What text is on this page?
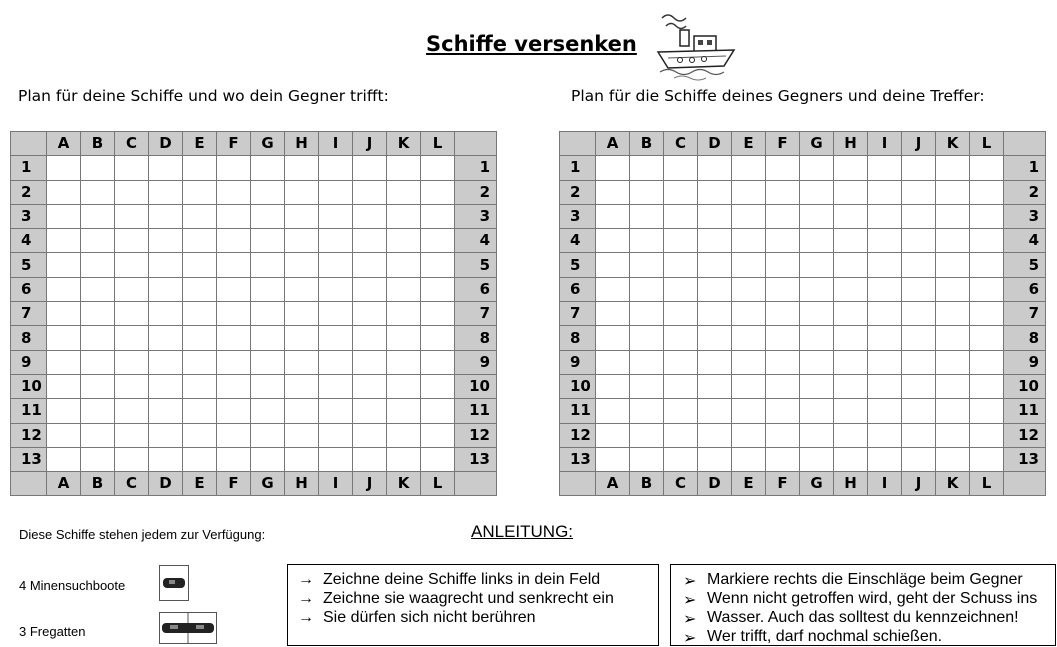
Schiffe versenken
Plan für deine Schiffe und wo dein Gegner trifft:	Plan für die Schiffe deines Gegners und deine Treffer:
	A	B	C	D	E	F	G	H	I	J	K	L	
1													1
2													2
3													3
4													4
5													5
6													6
7													7
8													8
9													9
10													10
11													11
12													12
13													13
	A	B	C	D	E	F	G	H	I	J	K	L	
	A	B	C	D	E	F	G	H	I	J	K	L	
1													1
2													2
3													3
4													4
5													5
6													6
7													7
8													8
9													9
10													10
11													11
12													12
13													13
	A	B	C	D	E	F	G	H	I	J	K	L	
Diese Schiffe stehen jedem zur Verfügung:	ANLEITUNG:
4 Minensuchboote
3 Fregatten
→ Zeichne deine Schiffe links in dein Feld
→ Zeichne sie waagrecht und senkrecht ein
→ Sie dürfen sich nicht berühren
➢ Markiere rechts die Einschläge beim Gegner
➢ Wenn nicht getroffen wird, geht der Schuss ins
➢ Wasser. Auch das solltest du kennzeichnen!
➢ Wer trifft, darf nochmal schießen.
